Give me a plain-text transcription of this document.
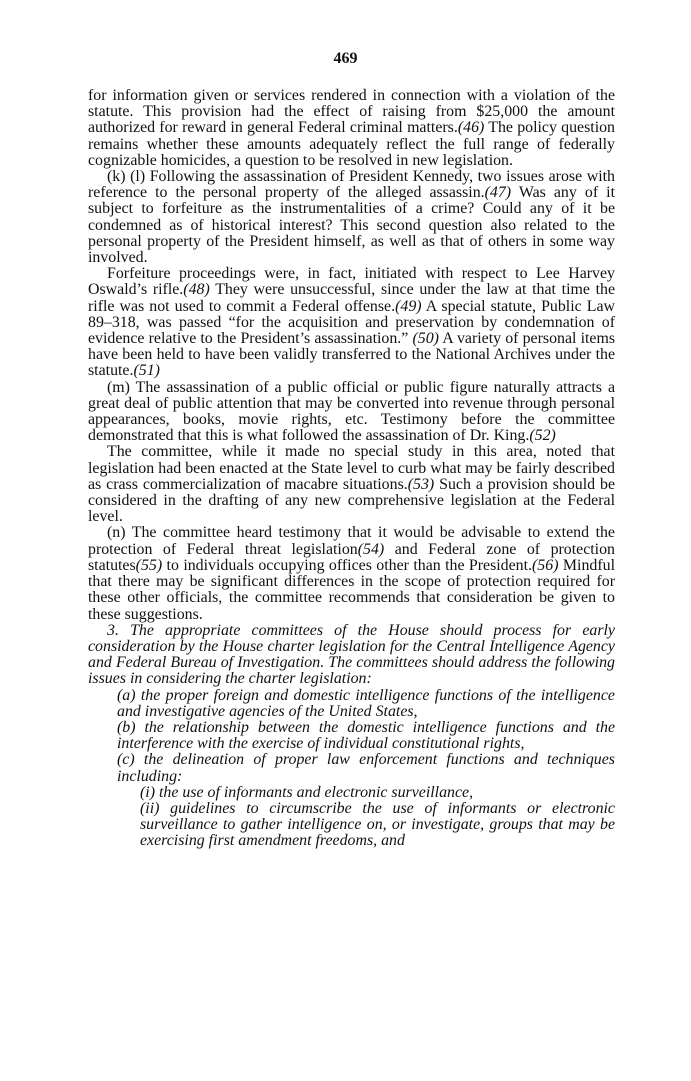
469

for information given or services rendered in connection with a violation of the statute. This provision had the effect of raising from $25,000 the amount authorized for reward in general Federal criminal matters.(46) The policy question remains whether these amounts adequately reflect the full range of federally cognizable homicides, a question to be resolved in new legislation.

(k) (l) Following the assassination of President Kennedy, two issues arose with reference to the personal property of the alleged assassin.(47) Was any of it subject to forfeiture as the instrumentalities of a crime? Could any of it be condemned as of historical interest? This second question also related to the personal property of the President himself, as well as that of others in some way involved.

Forfeiture proceedings were, in fact, initiated with respect to Lee Harvey Oswald’s rifle.(48) They were unsuccessful, since under the law at that time the rifle was not used to commit a Federal offense.(49) A special statute, Public Law 89–318, was passed “for the acquisition and preservation by condemnation of evidence relative to the President’s assassination.” (50) A variety of personal items have been held to have been validly transferred to the National Archives under the statute.(51)

(m) The assassination of a public official or public figure naturally attracts a great deal of public attention that may be converted into revenue through personal appearances, books, movie rights, etc. Testimony before the committee demonstrated that this is what followed the assassination of Dr. King.(52)

The committee, while it made no special study in this area, noted that legislation had been enacted at the State level to curb what may be fairly described as crass commercialization of macabre situations.(53) Such a provision should be considered in the drafting of any new comprehensive legislation at the Federal level.

(n) The committee heard testimony that it would be advisable to extend the protection of Federal threat legislation(54) and Federal zone of protection statutes(55) to individuals occupying offices other than the President.(56) Mindful that there may be significant differences in the scope of protection required for these other officials, the committee recommends that consideration be given to these suggestions.

3. The appropriate committees of the House should process for early consideration by the House charter legislation for the Central Intelligence Agency and Federal Bureau of Investigation. The committees should address the following issues in considering the charter legislation:

(a) the proper foreign and domestic intelligence functions of the intelligence and investigative agencies of the United States,

(b) the relationship between the domestic intelligence functions and the interference with the exercise of individual constitutional rights,

(c) the delineation of proper law enforcement functions and techniques including:

(i) the use of informants and electronic surveillance,

(ii) guidelines to circumscribe the use of informants or electronic surveillance to gather intelligence on, or investigate, groups that may be exercising first amendment freedoms, and
